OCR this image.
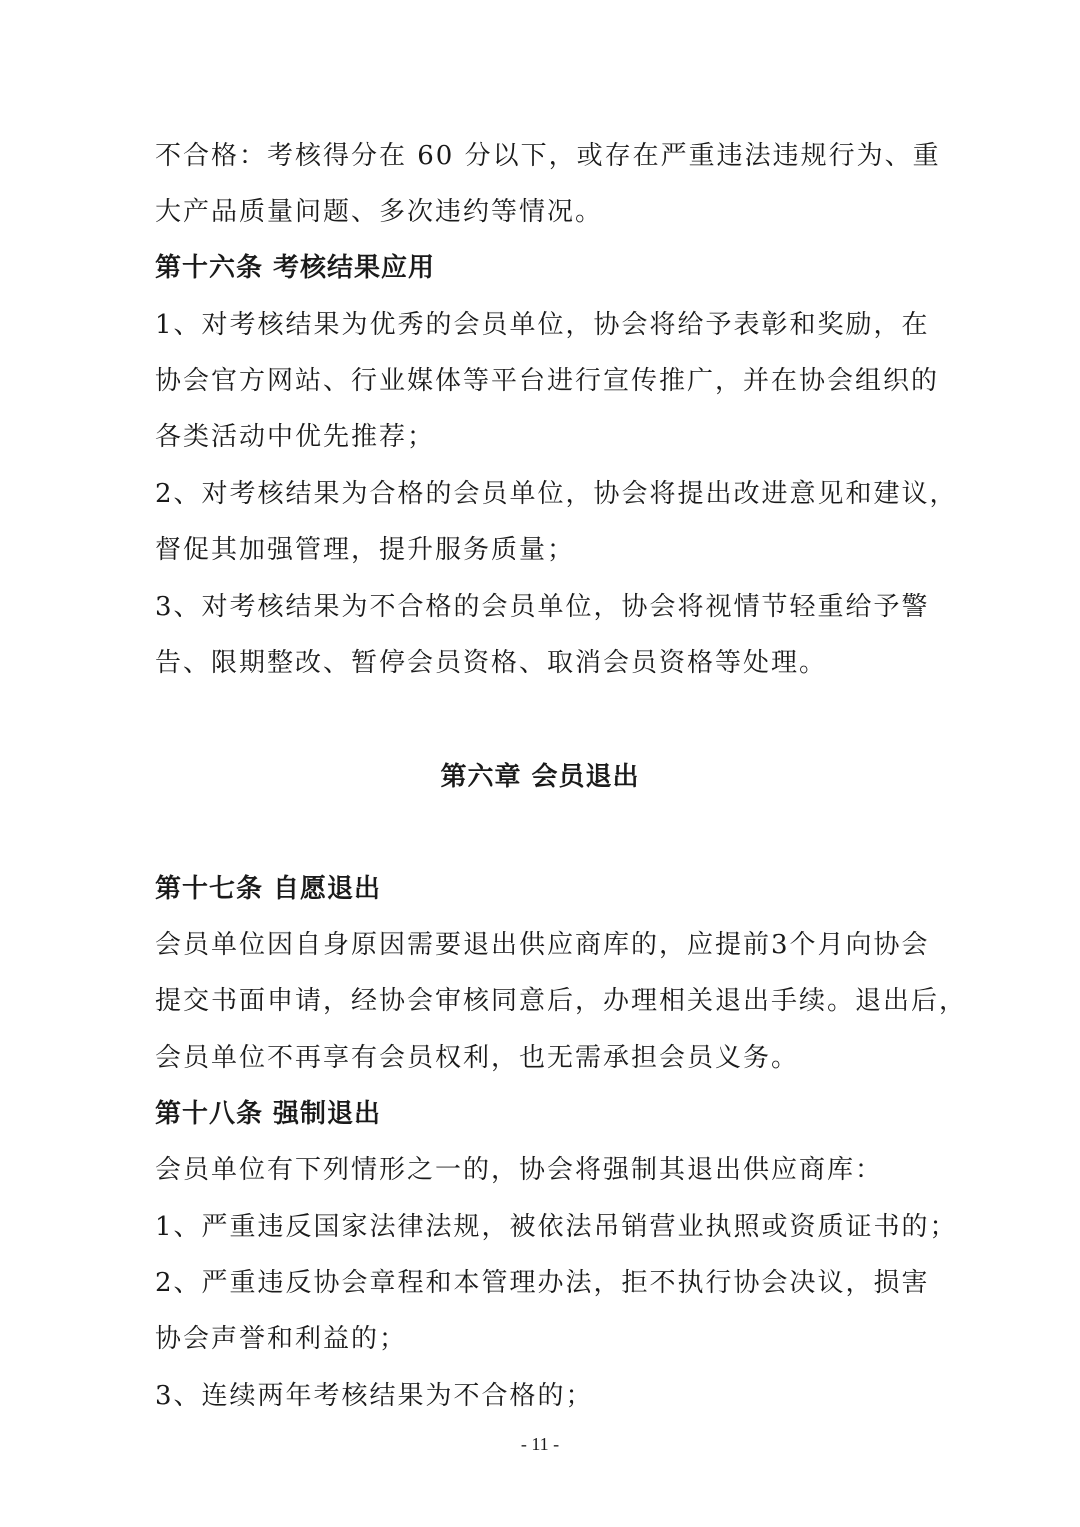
不合格：考核得分在 60 分以下，或存在严重违法违规行为、重
大产品质量问题、多次违约等情况。
第十六条 考核结果应用
1、对考核结果为优秀的会员单位，协会将给予表彰和奖励，在
协会官方网站、行业媒体等平台进行宣传推广，并在协会组织的
各类活动中优先推荐；
2、对考核结果为合格的会员单位，协会将提出改进意见和建议，
督促其加强管理，提升服务质量；
3、对考核结果为不合格的会员单位，协会将视情节轻重给予警
告、限期整改、暂停会员资格、取消会员资格等处理。
第六章 会员退出
第十七条 自愿退出
会员单位因自身原因需要退出供应商库的，应提前3个月向协会
提交书面申请，经协会审核同意后，办理相关退出手续。退出后，
会员单位不再享有会员权利，也无需承担会员义务。
第十八条 强制退出
会员单位有下列情形之一的，协会将强制其退出供应商库：
1、严重违反国家法律法规，被依法吊销营业执照或资质证书的；
2、严重违反协会章程和本管理办法，拒不执行协会决议，损害
协会声誉和利益的；
3、连续两年考核结果为不合格的；
- 11 -
